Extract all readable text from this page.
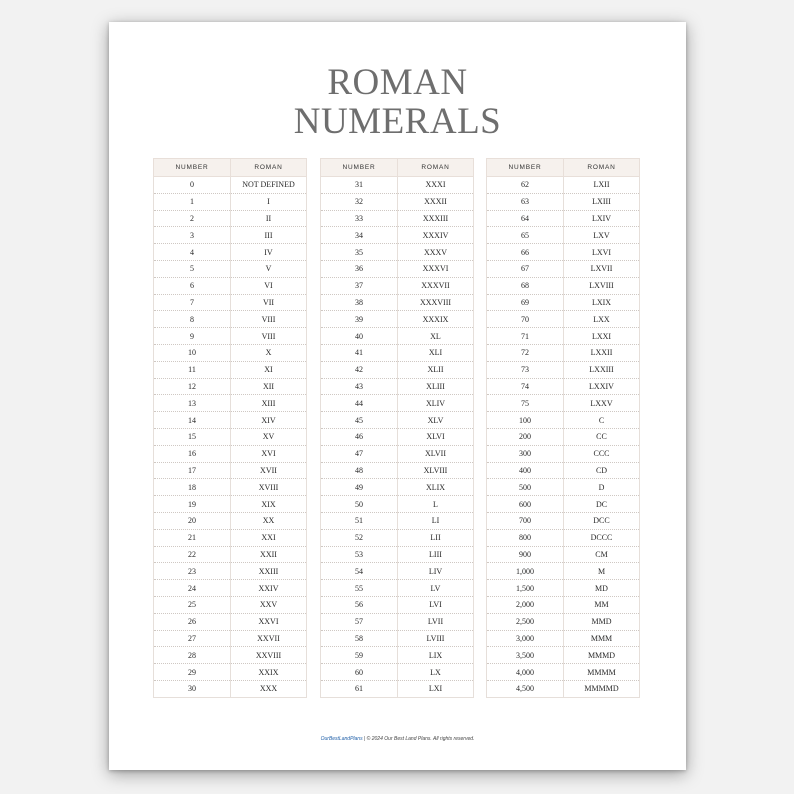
ROMAN
NUMERALS
NUMBER	ROMAN
0	NOT DEFINED
1	I
2	II
3	III
4	IV
5	V
6	VI
7	VII
8	VIII
9	VIII
10	X
11	XI
12	XII
13	XIII
14	XIV
15	XV
16	XVI
17	XVII
18	XVIII
19	XIX
20	XX
21	XXI
22	XXII
23	XXIII
24	XXIV
25	XXV
26	XXVI
27	XXVII
28	XXVIII
29	XXIX
30	XXX
NUMBER	ROMAN
31	XXXI
32	XXXII
33	XXXIII
34	XXXIV
35	XXXV
36	XXXVI
37	XXXVII
38	XXXVIII
39	XXXIX
40	XL
41	XLI
42	XLII
43	XLIII
44	XLIV
45	XLV
46	XLVI
47	XLVII
48	XLVIII
49	XLIX
50	L
51	LI
52	LII
53	LIII
54	LIV
55	LV
56	LVI
57	LVII
58	LVIII
59	LIX
60	LX
61	LXI
NUMBER	ROMAN
62	LXII
63	LXIII
64	LXIV
65	LXV
66	LXVI
67	LXVII
68	LXVIII
69	LXIX
70	LXX
71	LXXI
72	LXXII
73	LXXIII
74	LXXIV
75	LXXV
100	C
200	CC
300	CCC
400	CD
500	D
600	DC
700	DCC
800	DCCC
900	CM
1,000	M
1,500	MD
2,000	MM
2,500	MMD
3,000	MMM
3,500	MMMD
4,000	MMMM
4,500	MMMMD
OurBestLandPlans | © 2024 Our Best Land Plans. All rights reserved.
